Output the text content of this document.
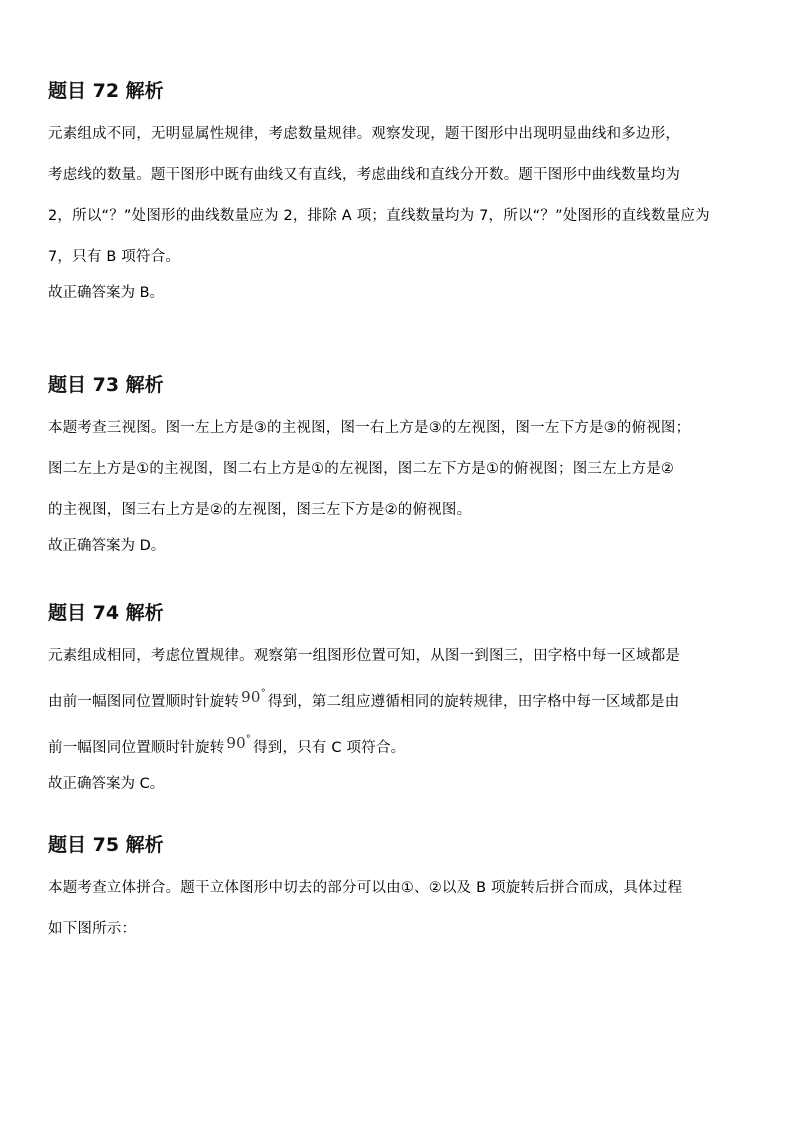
题目 72 解析

元素组成不同，无明显属性规律，考虑数量规律。观察发现，题干图形中出现明显曲线和多边形，

考虑线的数量。题干图形中既有曲线又有直线，考虑曲线和直线分开数。题干图形中曲线数量均为

2，所以“？”处图形的曲线数量应为 2，排除 A 项；直线数量均为 7，所以“？”处图形的直线数量应为

7，只有 B 项符合。

故正确答案为 B。

题目 73 解析

本题考查三视图。图一左上方是③的主视图，图一右上方是③的左视图，图一左下方是③的俯视图；

图二左上方是①的主视图，图二右上方是①的左视图，图二左下方是①的俯视图；图三左上方是②

的主视图，图三右上方是②的左视图，图三左下方是②的俯视图。

故正确答案为 D。

题目 74 解析

元素组成相同，考虑位置规律。观察第一组图形位置可知，从图一到图三，田字格中每一区域都是

由前一幅图同位置顺时针旋转 90°得到，第二组应遵循相同的旋转规律，田字格中每一区域都是由

前一幅图同位置顺时针旋转 90°得到，只有 C 项符合。

故正确答案为 C。

题目 75 解析

本题考查立体拼合。题干立体图形中切去的部分可以由①、②以及 B 项旋转后拼合而成，具体过程

如下图所示：
